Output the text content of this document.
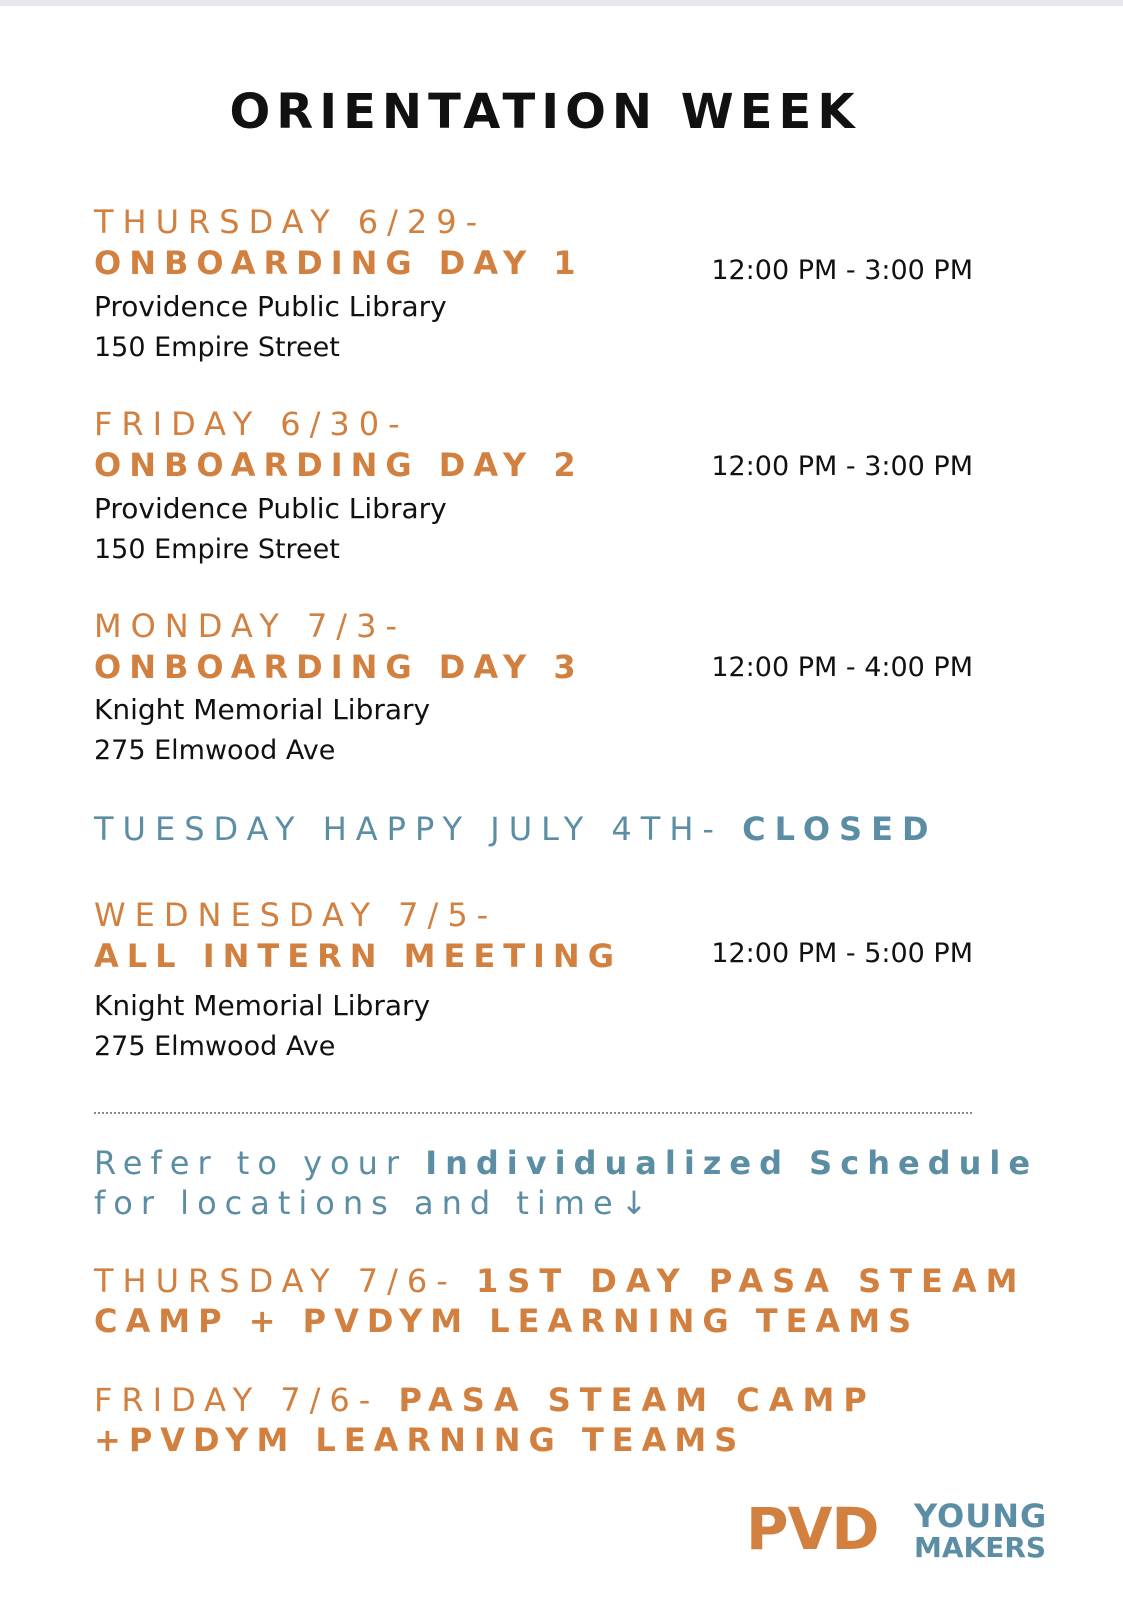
ORIENTATION WEEK
THURSDAY 6/29-
ONBOARDING DAY 1
Providence Public Library
150 Empire Street
12:00 PM - 3:00 PM
FRIDAY 6/30-
ONBOARDING DAY 2
Providence Public Library
150 Empire Street
12:00 PM - 3:00 PM
MONDAY 7/3-
ONBOARDING DAY 3
Knight Memorial Library
275 Elmwood Ave
12:00 PM - 4:00 PM
TUESDAY HAPPY JULY 4TH- CLOSED
WEDNESDAY 7/5-
ALL INTERN MEETING
Knight Memorial Library
275 Elmwood Ave
12:00 PM - 5:00 PM
Refer to your Individualized Schedule
for locations and time↓
THURSDAY 7/6- 1ST DAY PASA STEAM
CAMP + PVDYM LEARNING TEAMS
FRIDAY 7/6- PASA STEAM CAMP
+PVDYM LEARNING TEAMS
PVD YOUNG
MAKERS
